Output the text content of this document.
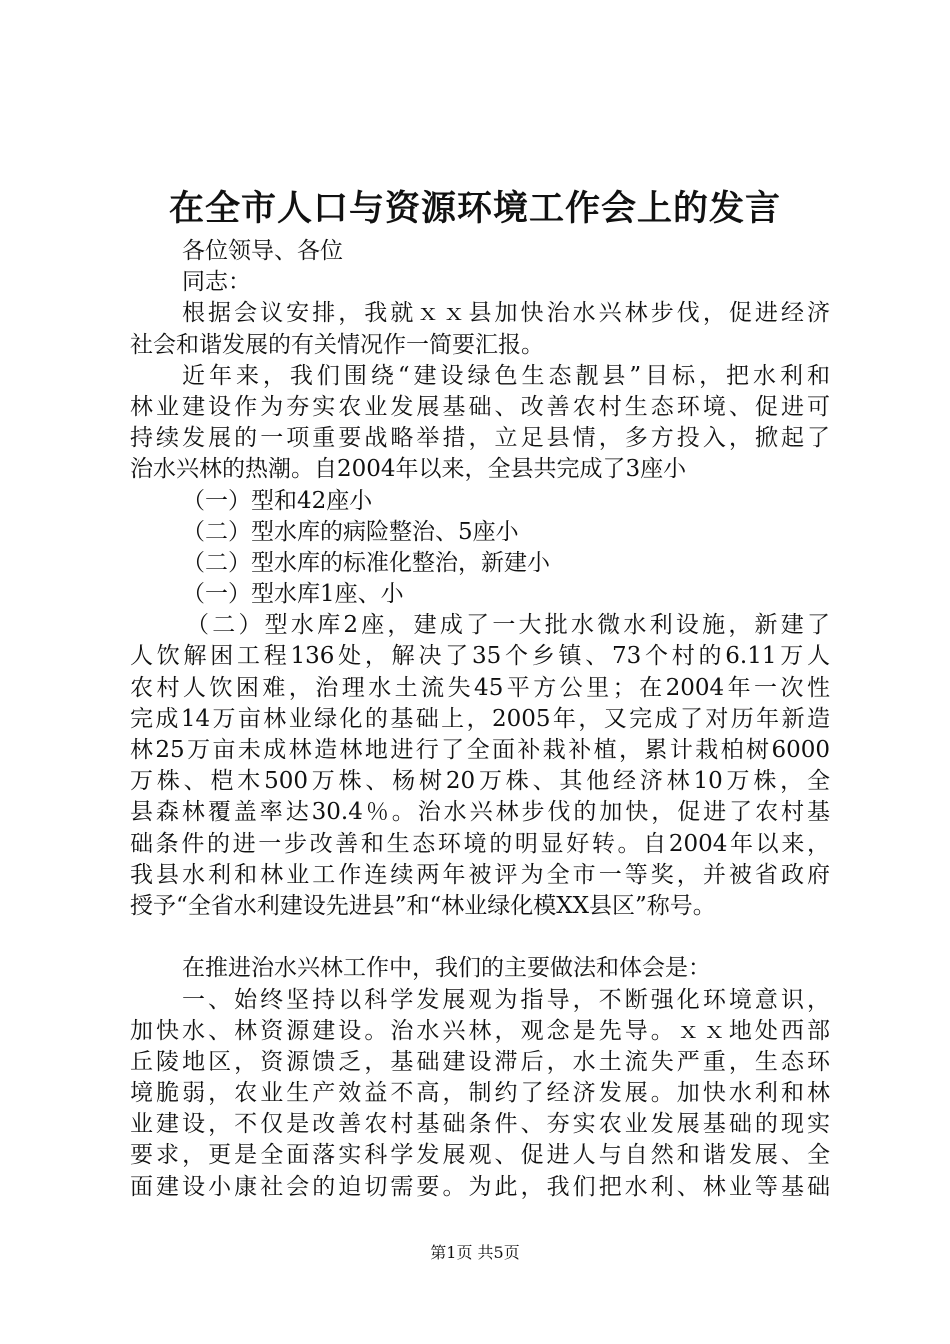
在全市人口与资源环境工作会上的发言
各位领导、各位
同志：
根据会议安排，我就ｘｘ县加快治水兴林步伐，促进经济
社会和谐发展的有关情况作一简要汇报。
近年来，我们围绕“建设绿色生态靓县”目标，把水利和
林业建设作为夯实农业发展基础、改善农村生态环境、促进可
持续发展的一项重要战略举措，立足县情，多方投入，掀起了
治水兴林的热潮。自2004年以来，全县共完成了3座小
（一）型和42座小
（二）型水库的病险整治、5座小
（二）型水库的标准化整治，新建小
（一）型水库1座、小
（二）型水库2座，建成了一大批水微水利设施，新建了
人饮解困工程136处，解决了35个乡镇、73个村的6.11万人
农村人饮困难，治理水土流失45平方公里；在2004年一次性
完成14万亩林业绿化的基础上，2005年，又完成了对历年新造
林25万亩未成林造林地进行了全面补栽补植，累计栽柏树6000
万株、桤木500万株、杨树20万株、其他经济林10万株，全
县森林覆盖率达30.4％。治水兴林步伐的加快，促进了农村基
础条件的进一步改善和生态环境的明显好转。自2004年以来，
我县水利和林业工作连续两年被评为全市一等奖，并被省政府
授予“全省水利建设先进县”和“林业绿化模XX县区”称号。
在推进治水兴林工作中，我们的主要做法和体会是：
一、始终坚持以科学发展观为指导，不断强化环境意识，
加快水、林资源建设。治水兴林，观念是先导。ｘｘ地处西部
丘陵地区，资源馈乏，基础建设滞后，水土流失严重，生态环
境脆弱，农业生产效益不高，制约了经济发展。加快水利和林
业建设，不仅是改善农村基础条件、夯实农业发展基础的现实
要求，更是全面落实科学发展观、促进人与自然和谐发展、全
面建设小康社会的迫切需要。为此，我们把水利、林业等基础
第1页 共5页
